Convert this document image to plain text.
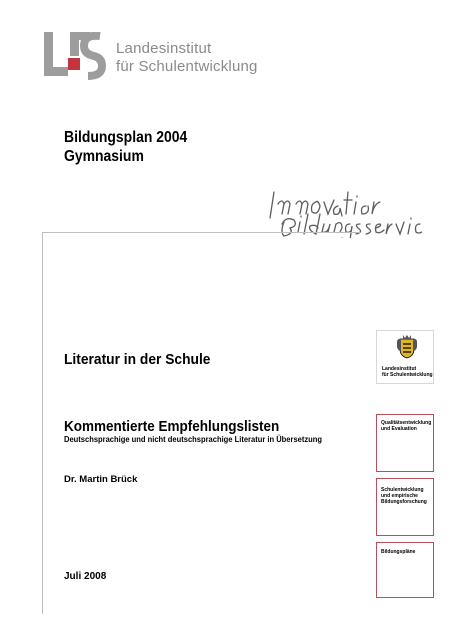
Landesinstitut
für Schulentwicklung
Bildungsplan 2004
Gymnasium
Literatur in der Schule
Kommentierte Empfehlungslisten
Deutschsprachige und nicht deutschsprachige Literatur in Übersetzung
Dr. Martin Brück
Juli 2008
Landesinstitut
für Schulentwicklung
Qualitätsentwicklung
und Evaluation
Schulentwicklung
und empirische
Bildungsforschung
Bildungspläne
